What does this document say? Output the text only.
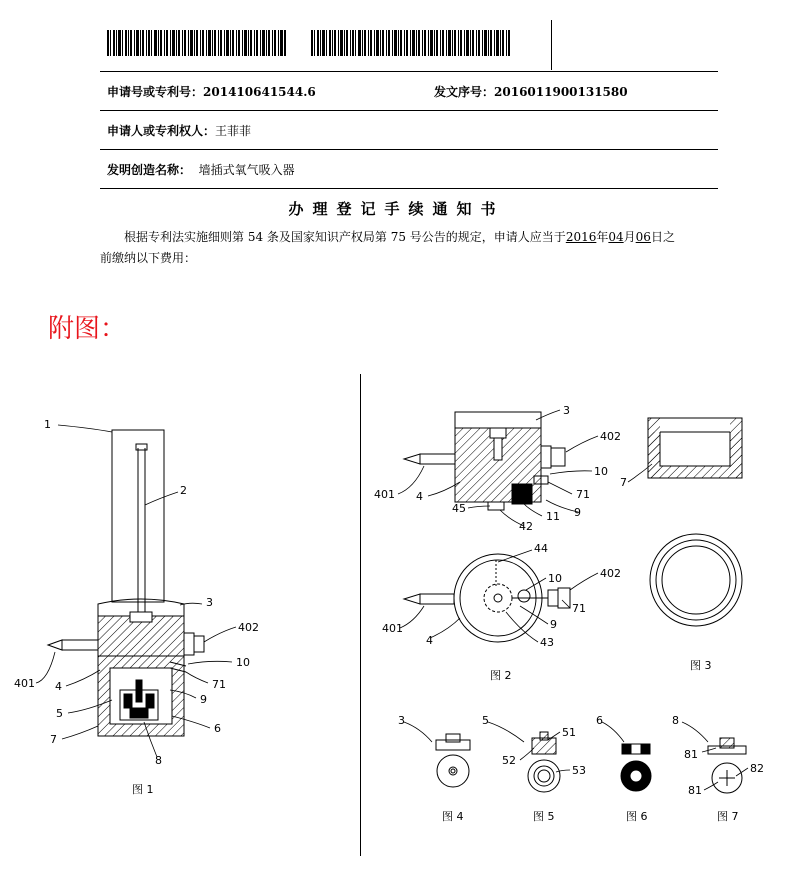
申请号或专利号：201410641544.6	发文序号：2016011900131580
申请人或专利权人：王菲菲
发明创造名称： 墙插式氧气吸入器
办理登记手续通知书
根据专利法实施细则第 54 条及国家知识产权局第 75 号公告的规定，申请人应当于2016年04月06日之
前缴纳以下费用：
附图：
1
2
3
402
10
71
9
401 4
5
6
7
8
3
402
10
401 4	71
45
11 9
42
44
10	402
401
4
71
9
43
7
3	5
51
52
53
6	8
81
82
81
图 1
图 2
图 3
图 4	图 5	图 6	图 7
